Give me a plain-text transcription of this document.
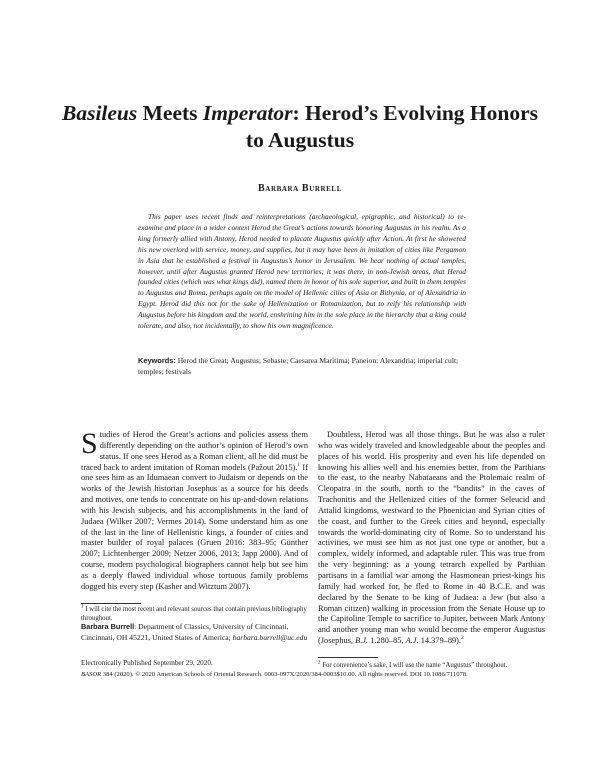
Basileus Meets Imperator: Herod’s Evolving Honors to Augustus
Barbara Burrell
This paper uses recent finds and reinterpretations (archaeological, epigraphic, and historical) to re-examine and place in a wider context Herod the Great’s actions towards honoring Augustus in his realm. As a king formerly allied with Antony, Herod needed to placate Augustus quickly after Action. At first he showered his new overlord with service, money, and supplies, but it may have been in imitation of cities like Pergamon in Asia that he established a festival in Augustus’s honor in Jerusalem. We hear nothing of actual temples, however, until after Augustus granted Herod new territories; it was there, in non-Jewish areas, that Herod founded cities (which was what kings did), named them in honor of his sole superior, and built in them temples to Augustus and Roma, perhaps again on the model of Hellenic cities of Asia or Bithynia, or of Alexandria in Egypt. Herod did this not for the sake of Hellenization or Romanization, but to reify his relationship with Augustus before his kingdom and the world, enshrining him in the sole place in the hierarchy that a king could tolerate, and also, not incidentally, to show his own magnificence.
Keywords: Herod the Great; Augustus; Sebaste; Caesarea Maritima; Paneion; Alexandria; imperial cult; temples; festivals
Studies of Herod the Great’s actions and policies assess them differently depending on the author’s opinion of Herod’s own status. If one sees Herod as a Roman client, all he did must be traced back to ardent imitation of Roman models (Pažout 2015).$^1$ If one sees him as an Idumaean convert to Judaism or depends on the works of the Jewish historian Josephus as a source for his deeds and motives, one tends to concentrate on his up-and-down relations with his Jewish subjects, and his accomplishments in the land of Judaea (Wilker 2007; Vermes 2014). Some understand him as one of the last in the line of Hellenistic kings, a founder of cities and master builder of royal palaces (Gruen 2016: 383–95; Günther 2007; Lichtenberger 2009; Netzer 2006, 2013; Japp 2000). And of course, modern psychological biographers cannot help but see him as a deeply flawed individual whose tortuous family problems dogged his every step (Kasher and Witztum 2007).
Doubtless, Herod was all those things. But he was also a ruler who was widely traveled and knowledgeable about the peoples and places of his world. His prosperity and even his life depended on knowing his allies well and his enemies better, from the Parthians to the east, to the nearby Nabataeans and the Ptolemaic realm of Cleopatra in the south, north to the “bandits” in the caves of Trachonitis and the Hellenized cities of the former Seleucid and Attalid kingdoms, westward to the Phoenician and Syrian cities of the coast, and further to the Greek cities and beyond, especially towards the world-dominating city of Rome. So to understand his activities, we must see him as not just one type or another, but a complex, widely informed, and adaptable ruler. This was true from the very beginning: as a young tetrarch expelled by Parthian partisans in a familial war among the Hasmonean priest-kings his family had worked for, he fled to Rome in 40 B.C.E. and was declared by the Senate to be king of Judaea: a Jew (but also a Roman citizen) walking in procession from the Senate House up to the Capitoline Temple to sacrifice to Jupiter, between Mark Antony and another young man who would become the emperor Augustus (Josephus, B.J. 1.280–85, A.J. 14.379–89).$^2$
$^1$ I will cite the most recent and relevant sources that contain previous bibliography throughout.
$^2$ For convenience’s sake, I will use the name “Augustus” throughout.
Barbara Burrell: Department of Classics, University of Cincinnati, Cincinnati, OH 45221, United States of America; barbara.burrell@uc.edu
Electronically Published September 29, 2020.
BASOR 384 (2020). © 2020 American Schools of Oriental Research. 0003-097X/2020/384-0003$10.00. All rights reserved. DOI 10.1086/711078.
